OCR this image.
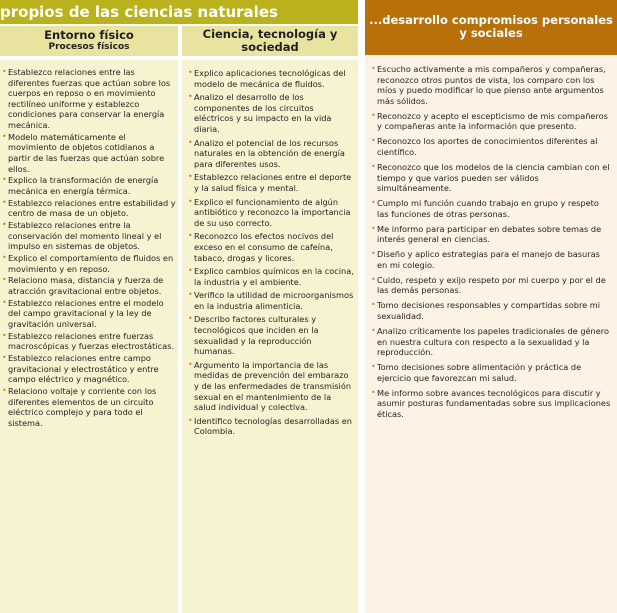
propios de las ciencias naturales
Entorno físico
Procesos físicos
• Establezco relaciones entre las diferentes fuerzas que actúan sobre los cuerpos en reposo o en movimiento rectilíneo uniforme y establezco condiciones para conservar la energía mecánica.
• Modelo matemáticamente el movimiento de objetos cotidianos a partir de las fuerzas que actúan sobre ellos.
• Explico la transformación de energía mecánica en energía térmica.
• Establezco relaciones entre estabilidad y centro de masa de un objeto.
• Establezco relaciones entre la conservación del momento lineal y el impulso en sistemas de objetos.
• Explico el comportamiento de fluidos en movimiento y en reposo.
• Relaciono masa, distancia y fuerza de atracción gravitacional entre objetos.
• Establezco relaciones entre el modelo del campo gravitacional y la ley de gravitación universal.
• Establezco relaciones entre fuerzas macroscópicas y fuerzas electrostáticas.
• Establezco relaciones entre campo gravitacional y electrostático y entre campo eléctrico y magnético.
• Relaciono voltaje y corriente con los diferentes elementos de un circuito eléctrico complejo y para todo el sistema.
Ciencia, tecnología y sociedad
• Explico aplicaciones tecnológicas del modelo de mecánica de fluidos.
• Analizo el desarrollo de los componentes de los circuitos eléctricos y su impacto en la vida diaria.
• Analizo el potencial de los recursos naturales en la obtención de energía para diferentes usos.
• Establezco relaciones entre el deporte y la salud física y mental.
• Explico el funcionamiento de algún antibiótico y reconozco la importancia de su uso correcto.
• Reconozco los efectos nocivos del exceso en el consumo de cafeína, tabaco, drogas y licores.
• Explico cambios químicos en la cocina, la industria y el ambiente.
• Verifico la utilidad de microorganismos en la industria alimenticia.
• Describo factores culturales y tecnológicos que inciden en la sexualidad y la reproducción humanas.
• Argumento la importancia de las medidas de prevención del embarazo y de las enfermedades de transmisión sexual en el mantenimiento de la salud individual y colectiva.
• Identifico tecnologías desarrolladas en Colombia.
...desarrollo compromisos personales y sociales
• Escucho activamente a mis compañeros y compañeras, reconozco otros puntos de vista, los comparo con los míos y puedo modificar lo que pienso ante argumentos más sólidos.
• Reconozco y acepto el escepticismo de mis compañeros y compañeras ante la información que presento.
• Reconozco los aportes de conocimientos diferentes al científico.
• Reconozco que los modelos de la ciencia cambian con el tiempo y que varios pueden ser válidos simultáneamente.
• Cumplo mi función cuando trabajo en grupo y respeto las funciones de otras personas.
• Me informo para participar en debates sobre temas de interés general en ciencias.
• Diseño y aplico estrategias para el manejo de basuras en mi colegio.
• Cuido, respeto y exijo respeto por mi cuerpo y por el de las demás personas.
• Tomo decisiones responsables y compartidas sobre mi sexualidad.
• Analizo críticamente los papeles tradicionales de género en nuestra cultura con respecto a la sexualidad y la reproducción.
• Tomo decisiones sobre alimentación y práctica de ejercicio que favorezcan mi salud.
• Me informo sobre avances tecnológicos para discutir y asumir posturas fundamentadas sobre sus implicaciones éticas.
